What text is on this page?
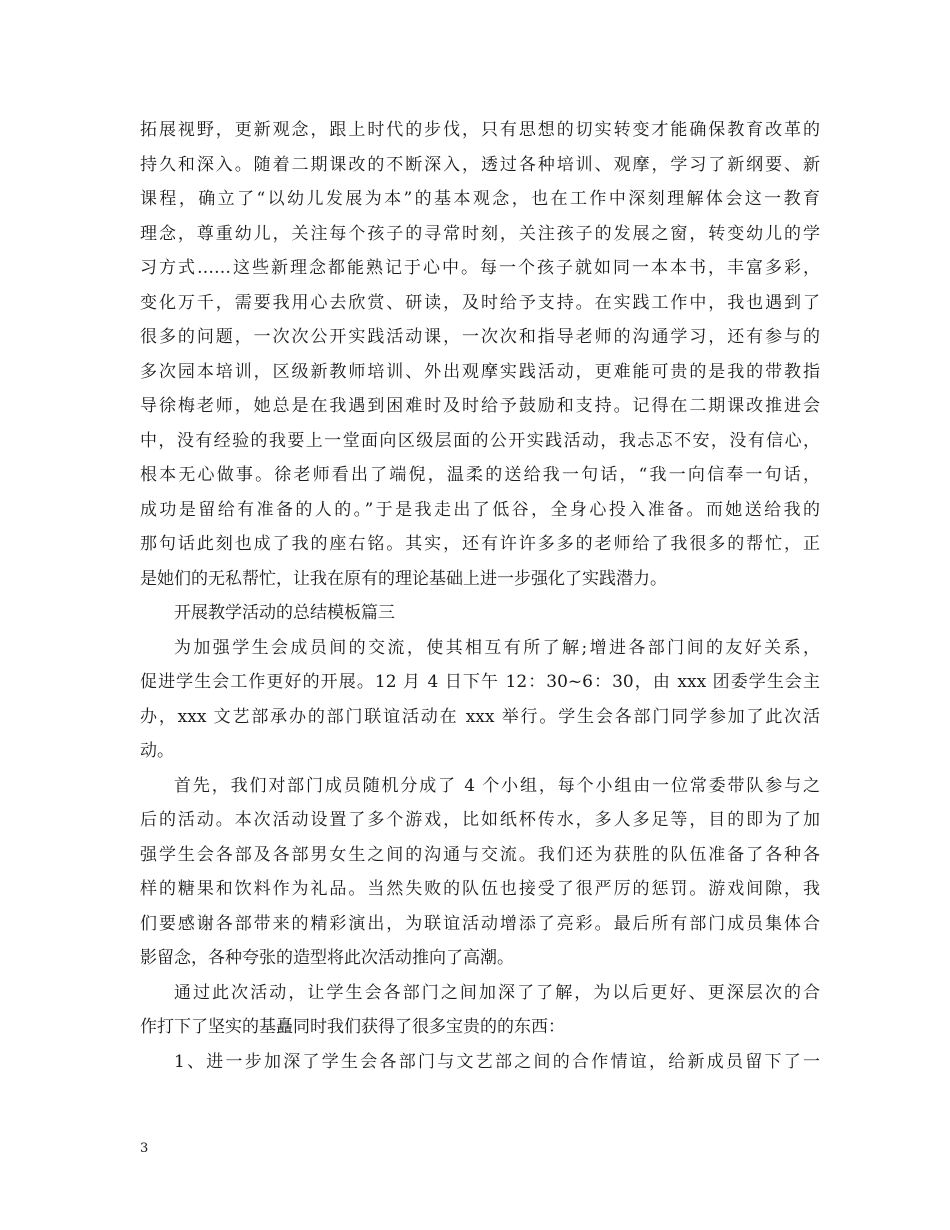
拓展视野，更新观念，跟上时代的步伐，只有思想的切实转变才能确保教育改革的
持久和深入。随着二期课改的不断深入，透过各种培训、观摩，学习了新纲要、新
课程，确立了“以幼儿发展为本”的基本观念，也在工作中深刻理解体会这一教育
理念，尊重幼儿，关注每个孩子的寻常时刻，关注孩子的发展之窗，转变幼儿的学
习方式……这些新理念都能熟记于心中。每一个孩子就如同一本本书，丰富多彩，
变化万千，需要我用心去欣赏、研读，及时给予支持。在实践工作中，我也遇到了
很多的问题，一次次公开实践活动课，一次次和指导老师的沟通学习，还有参与的
多次园本培训，区级新教师培训、外出观摩实践活动，更难能可贵的是我的带教指
导徐梅老师，她总是在我遇到困难时及时给予鼓励和支持。记得在二期课改推进会
中，没有经验的我要上一堂面向区级层面的公开实践活动，我忐忑不安，没有信心，
根本无心做事。徐老师看出了端倪，温柔的送给我一句话，“我一向信奉一句话，
成功是留给有准备的人的。”于是我走出了低谷，全身心投入准备。而她送给我的
那句话此刻也成了我的座右铭。其实，还有许许多多的老师给了我很多的帮忙，正
是她们的无私帮忙，让我在原有的理论基础上进一步强化了实践潜力。
开展教学活动的总结模板篇三
为加强学生会成员间的交流，使其相互有所了解;增进各部门间的友好关系，
促进学生会工作更好的开展。12 月 4 日下午 12：30~6：30，由 xxx 团委学生会主
办，xxx 文艺部承办的部门联谊活动在 xxx 举行。学生会各部门同学参加了此次活
动。
首先，我们对部门成员随机分成了 4 个小组，每个小组由一位常委带队参与之
后的活动。本次活动设置了多个游戏，比如纸杯传水，多人多足等，目的即为了加
强学生会各部及各部男女生之间的沟通与交流。我们还为获胜的队伍准备了各种各
样的糖果和饮料作为礼品。当然失败的队伍也接受了很严厉的惩罚。游戏间隙，我
们要感谢各部带来的精彩演出，为联谊活动增添了亮彩。最后所有部门成员集体合
影留念，各种夸张的造型将此次活动推向了高潮。
通过此次活动，让学生会各部门之间加深了了解，为以后更好、更深层次的合
作打下了坚实的基矗同时我们获得了很多宝贵的的东西：
1、进一步加深了学生会各部门与文艺部之间的合作情谊，给新成员留下了一
3
